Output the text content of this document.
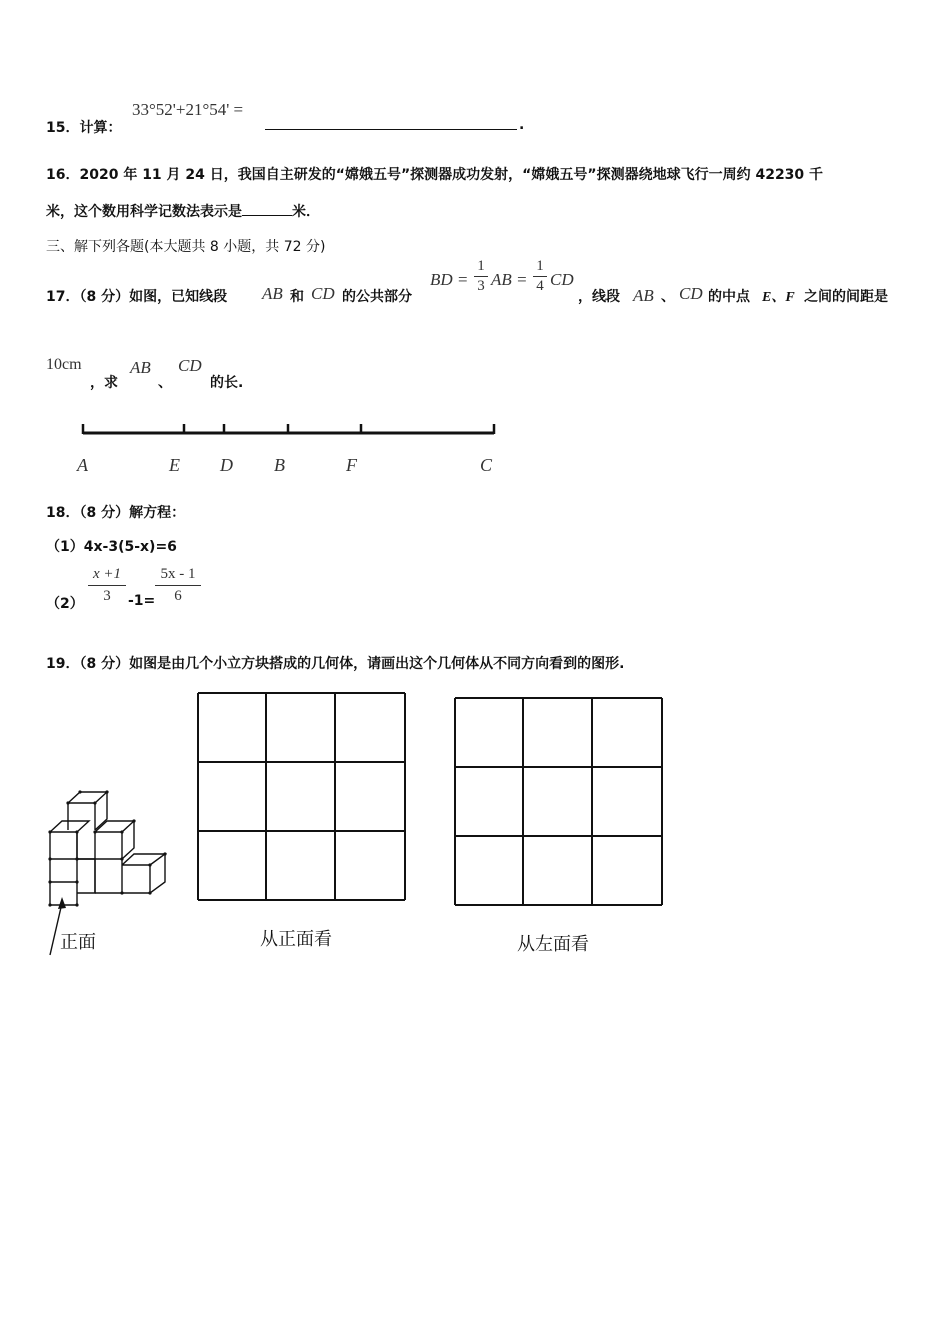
15．计算：
33°52'+21°54' =
.
16．2020 年 11 月 24 日，我国自主研发的“嫦娥五号”探测器成功发射，“嫦娥五号”探测器绕地球飞行一周约 42230 千
米，这个数用科学记数法表示是	米．
三、解下列各题(本大题共 8 小题，共 72 分)
17．（8 分）如图，已知线段 AB 和 CD 的公共部分
BD =
1
3 AB =
1
4 CD
，线段 AB 、 CD 的中点 E、F 之间的间距是
10cm
，求
AB
、
CD
的长.
A	E D B	F	C
18．（8 分）解方程：
（1）4x-3(5-x)=6
（2）
x +1
3	-1=
5x - 1
6
19．（8 分）如图是由几个小立方块搭成的几何体，请画出这个几何体从不同方向看到的图形.
正面	从正面看	从左面看
